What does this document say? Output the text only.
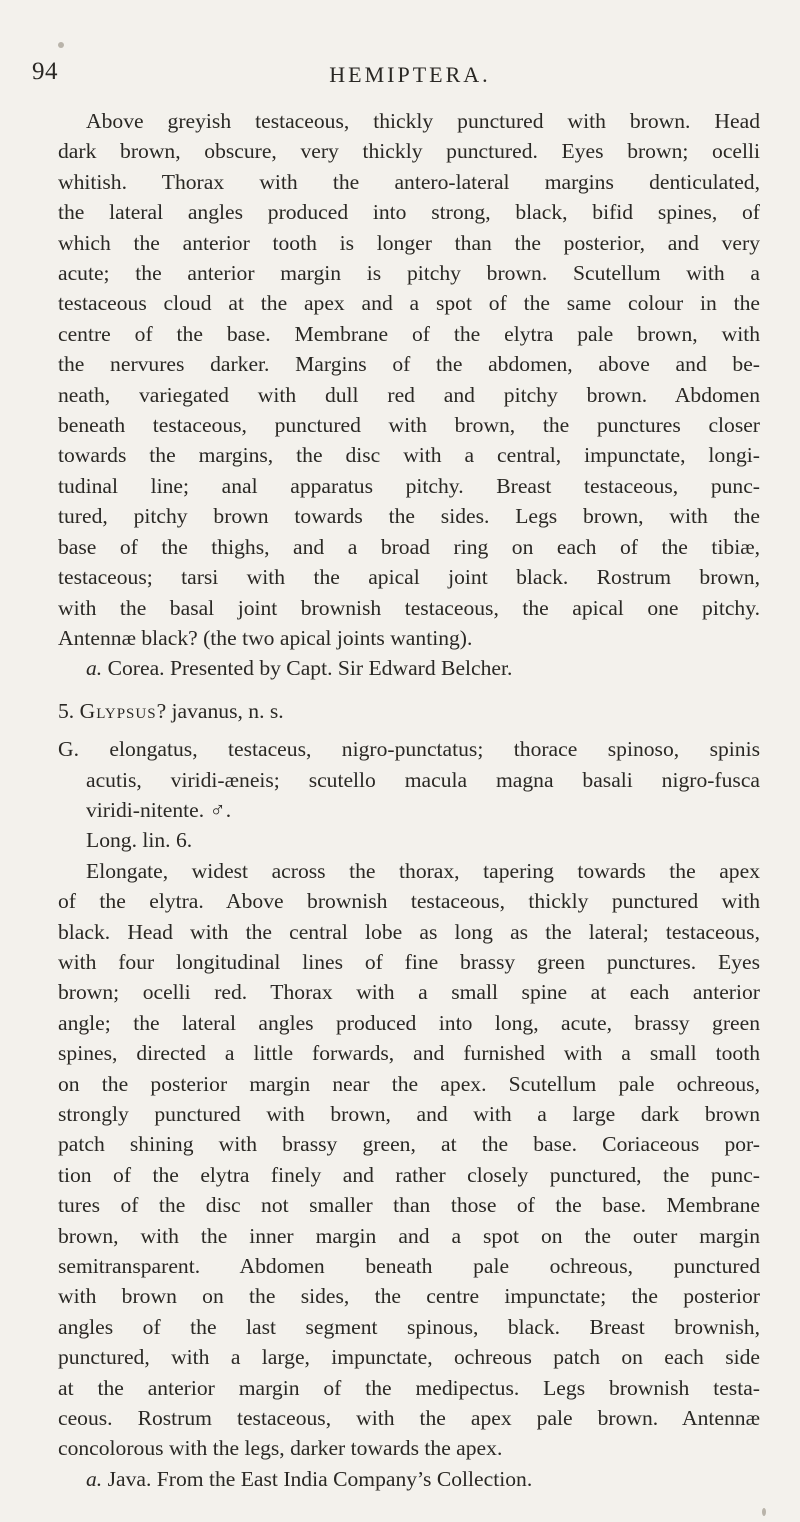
94	HEMIPTERA.
Above greyish testaceous, thickly punctured with brown. Head
dark brown, obscure, very thickly punctured. Eyes brown; ocelli
whitish. Thorax with the antero-lateral margins denticulated,
the lateral angles produced into strong, black, bifid spines, of
which the anterior tooth is longer than the posterior, and very
acute; the anterior margin is pitchy brown. Scutellum with a
testaceous cloud at the apex and a spot of the same colour in the
centre of the base. Membrane of the elytra pale brown, with
the nervures darker. Margins of the abdomen, above and be-
neath, variegated with dull red and pitchy brown. Abdomen
beneath testaceous, punctured with brown, the punctures closer
towards the margins, the disc with a central, impunctate, longi-
tudinal line; anal apparatus pitchy. Breast testaceous, punc-
tured, pitchy brown towards the sides. Legs brown, with the
base of the thighs, and a broad ring on each of the tibiæ,
testaceous; tarsi with the apical joint black. Rostrum brown,
with the basal joint brownish testaceous, the apical one pitchy.
Antennæ black? (the two apical joints wanting).
a. Corea. Presented by Capt. Sir Edward Belcher.
5. Glypsus? javanus, n. s.
G. elongatus, testaceus, nigro-punctatus; thorace spinoso, spinis
acutis, viridi-æneis; scutello macula magna basali nigro-fusca
viridi-nitente. ♂.
Long. lin. 6.
Elongate, widest across the thorax, tapering towards the apex
of the elytra. Above brownish testaceous, thickly punctured with
black. Head with the central lobe as long as the lateral; testaceous,
with four longitudinal lines of fine brassy green punctures. Eyes
brown; ocelli red. Thorax with a small spine at each anterior
angle; the lateral angles produced into long, acute, brassy green
spines, directed a little forwards, and furnished with a small tooth
on the posterior margin near the apex. Scutellum pale ochreous,
strongly punctured with brown, and with a large dark brown
patch shining with brassy green, at the base. Coriaceous por-
tion of the elytra finely and rather closely punctured, the punc-
tures of the disc not smaller than those of the base. Membrane
brown, with the inner margin and a spot on the outer margin
semitransparent. Abdomen beneath pale ochreous, punctured
with brown on the sides, the centre impunctate; the posterior
angles of the last segment spinous, black. Breast brownish,
punctured, with a large, impunctate, ochreous patch on each side
at the anterior margin of the medipectus. Legs brownish testa-
ceous. Rostrum testaceous, with the apex pale brown. Antennæ
concolorous with the legs, darker towards the apex.
a. Java. From the East India Company’s Collection.
